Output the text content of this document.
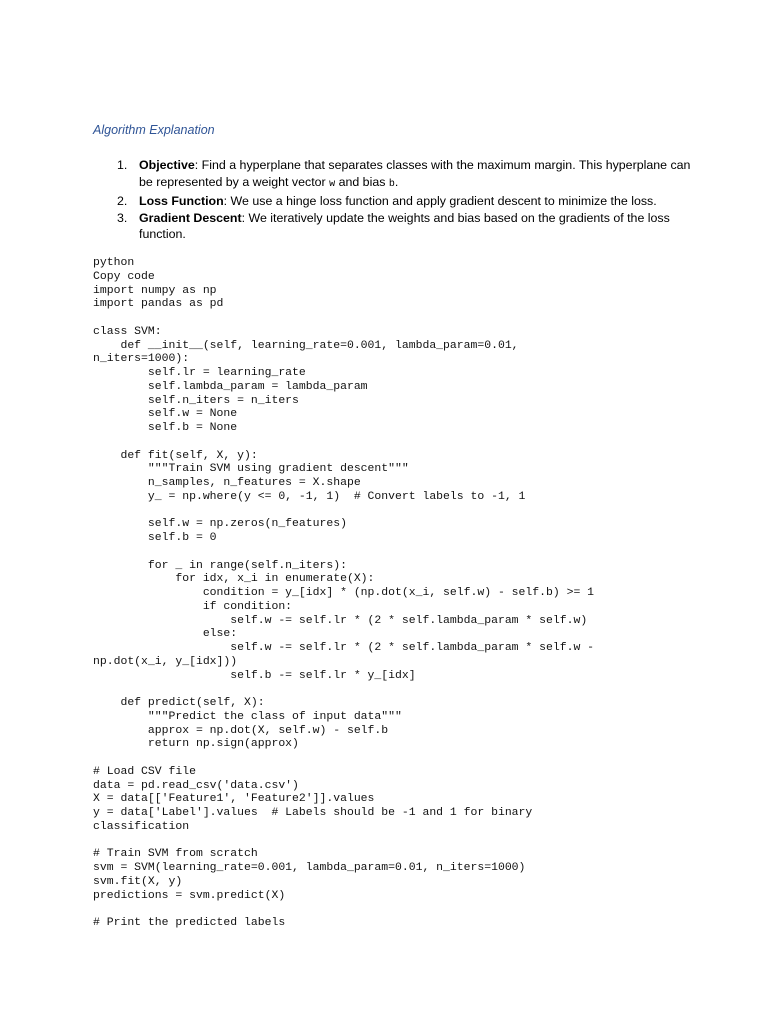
Algorithm Explanation
1. Objective: Find a hyperplane that separates classes with the maximum margin. This hyperplane can be represented by a weight vector w and bias b.
2. Loss Function: We use a hinge loss function and apply gradient descent to minimize the loss.
3. Gradient Descent: We iteratively update the weights and bias based on the gradients of the loss function.
python
Copy code
import numpy as np
import pandas as pd
class SVM:
def __init__(self, learning_rate=0.001, lambda_param=0.01,
n_iters=1000):
self.lr = learning_rate
self.lambda_param = lambda_param
self.n_iters = n_iters
self.w = None
self.b = None
def fit(self, X, y):
"""Train SVM using gradient descent"""
n_samples, n_features = X.shape
y_ = np.where(y <= 0, -1, 1)  # Convert labels to -1, 1
self.w = np.zeros(n_features)
self.b = 0
for _ in range(self.n_iters):
for idx, x_i in enumerate(X):
condition = y_[idx] * (np.dot(x_i, self.w) - self.b) >= 1
if condition:
self.w -= self.lr * (2 * self.lambda_param * self.w)
else:
self.w -= self.lr * (2 * self.lambda_param * self.w -
np.dot(x_i, y_[idx]))
self.b -= self.lr * y_[idx]
def predict(self, X):
"""Predict the class of input data"""
approx = np.dot(X, self.w) - self.b
return np.sign(approx)
# Load CSV file
data = pd.read_csv('data.csv')
X = data[['Feature1', 'Feature2']].values
y = data['Label'].values  # Labels should be -1 and 1 for binary
classification
# Train SVM from scratch
svm = SVM(learning_rate=0.001, lambda_param=0.01, n_iters=1000)
svm.fit(X, y)
predictions = svm.predict(X)
# Print the predicted labels
